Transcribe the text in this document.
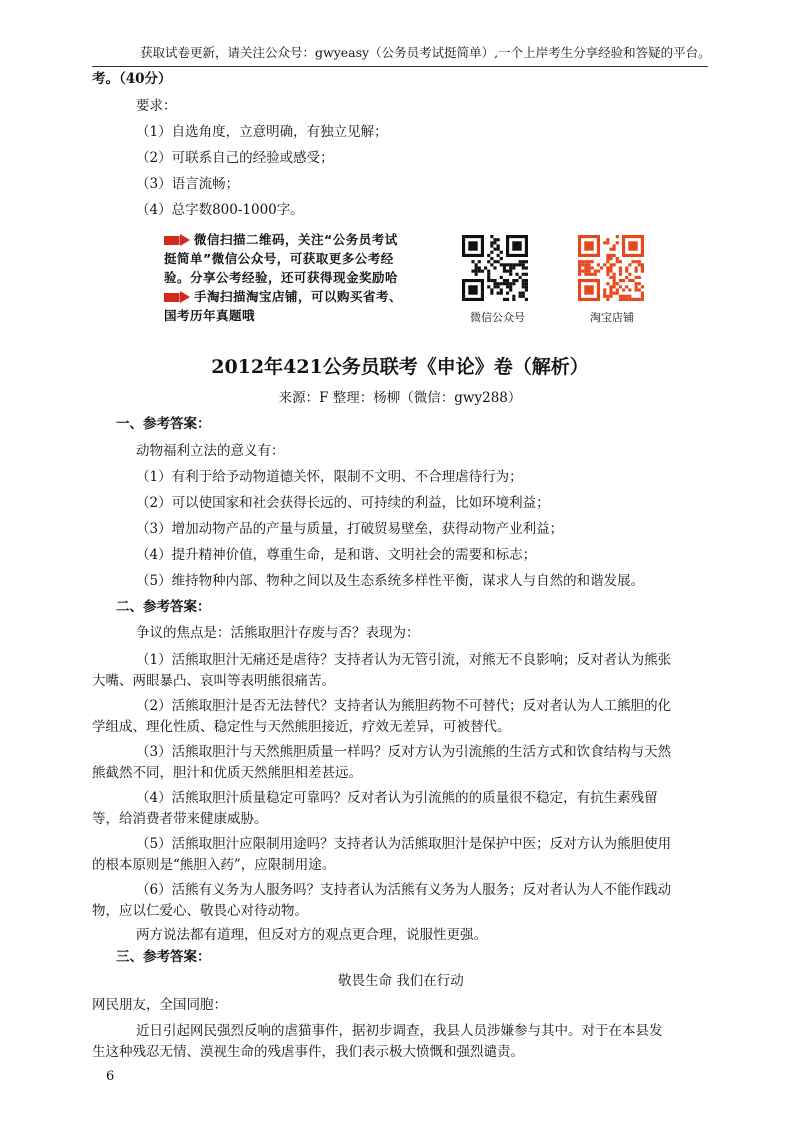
获取试卷更新，请关注公众号：gwyeasy（公务员考试挺简单）,一个上岸考生分享经验和答疑的平台。
考。（40分）
要求：
（1）自选角度，立意明确，有独立见解；
（2）可联系自己的经验或感受；
（3）语言流畅；
（4）总字数800-1000字。
微信扫描二维码，关注“公务员考试
挺简单”微信公众号，可获取更多公考经
验。分享公考经验，还可获得现金奖励哈
手淘扫描淘宝店铺，可以购买省考、
国考历年真题哦	微信公众号	淘宝店铺
2012年421公务员联考《申论》卷（解析）
来源：F 整理：杨柳（微信：gwy288）
一、参考答案：
动物福利立法的意义有：
（1）有利于给予动物道德关怀，限制不文明、不合理虐待行为；
（2）可以使国家和社会获得长远的、可持续的利益，比如环境利益；
（3）增加动物产品的产量与质量，打破贸易壁垒，获得动物产业利益；
（4）提升精神价值，尊重生命，是和谐、文明社会的需要和标志；
（5）维持物种内部、物种之间以及生态系统多样性平衡，谋求人与自然的和谐发展。
二、参考答案：
争议的焦点是：活熊取胆汁存废与否？表现为：
（1）活熊取胆汁无痛还是虐待？支持者认为无管引流，对熊无不良影响；反对者认为熊张
大嘴、两眼暴凸、哀叫等表明熊很痛苦。
（2）活熊取胆汁是否无法替代？支持者认为熊胆药物不可替代；反对者认为人工熊胆的化
学组成、理化性质、稳定性与天然熊胆接近，疗效无差异，可被替代。
（3）活熊取胆汁与天然熊胆质量一样吗？反对方认为引流熊的生活方式和饮食结构与天然
熊截然不同，胆汁和优质天然熊胆相差甚远。
（4）活熊取胆汁质量稳定可靠吗？反对者认为引流熊的的质量很不稳定，有抗生素残留
等，给消费者带来健康威胁。
（5）活熊取胆汁应限制用途吗？支持者认为活熊取胆汁是保护中医；反对方认为熊胆使用
的根本原则是“熊胆入药”，应限制用途。
（6）活熊有义务为人服务吗？支持者认为活熊有义务为人服务；反对者认为人不能作践动
物，应以仁爱心、敬畏心对待动物。
两方说法都有道理，但反对方的观点更合理，说服性更强。
三、参考答案：
敬畏生命 我们在行动
网民朋友，全国同胞：
近日引起网民强烈反响的虐猫事件，据初步调查，我县人员涉嫌参与其中。对于在本县发
生这种残忍无情、漠视生命的残虐事件，我们表示极大愤慨和强烈谴责。
6
